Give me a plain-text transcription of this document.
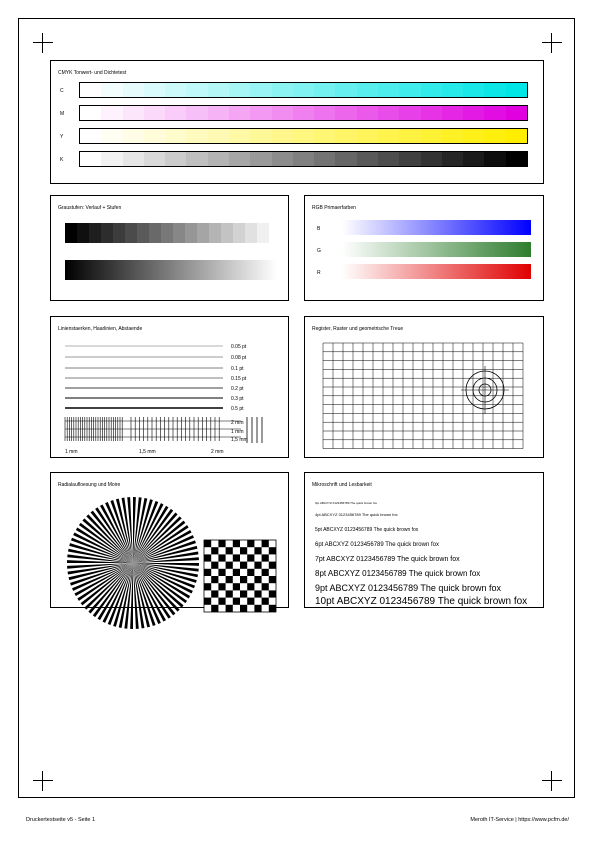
CMYK Tonwert- und Dichtetest
C
M
Y
K
Graustufen: Verlauf + Stufen	RGB Primaerfarben
B
G
R
Linienstaerken, Haarlinien, Abstaende
0.05 pt
0.08 pt
0.1 pt
0.15 pt
0.2 pt
0.3 pt
0.5 pt
2 mm
1 mm
1,5 mm
1 mm	1,5 mm	2 mm
Register, Raster und geometrische Treue
Radialaufloesung und Moire	Mikroschrift und Lesbarkeit
3pt ABCXYZ 0123456789 The quick brown fox
4pt ABCXYZ 0123456789 The quick brown fox
5pt ABCXYZ 0123456789 The quick brown fox
6pt ABCXYZ 0123456789 The quick brown fox
7pt ABCXYZ 0123456789 The quick brown fox
8pt ABCXYZ 0123456789 The quick brown fox
9pt ABCXYZ 0123456789 The quick brown fox
10pt ABCXYZ 0123456789 The quick brown fox
Druckertestseite v5 - Seite 1	Meroth IT-Service | https://www.pcfm.de/
